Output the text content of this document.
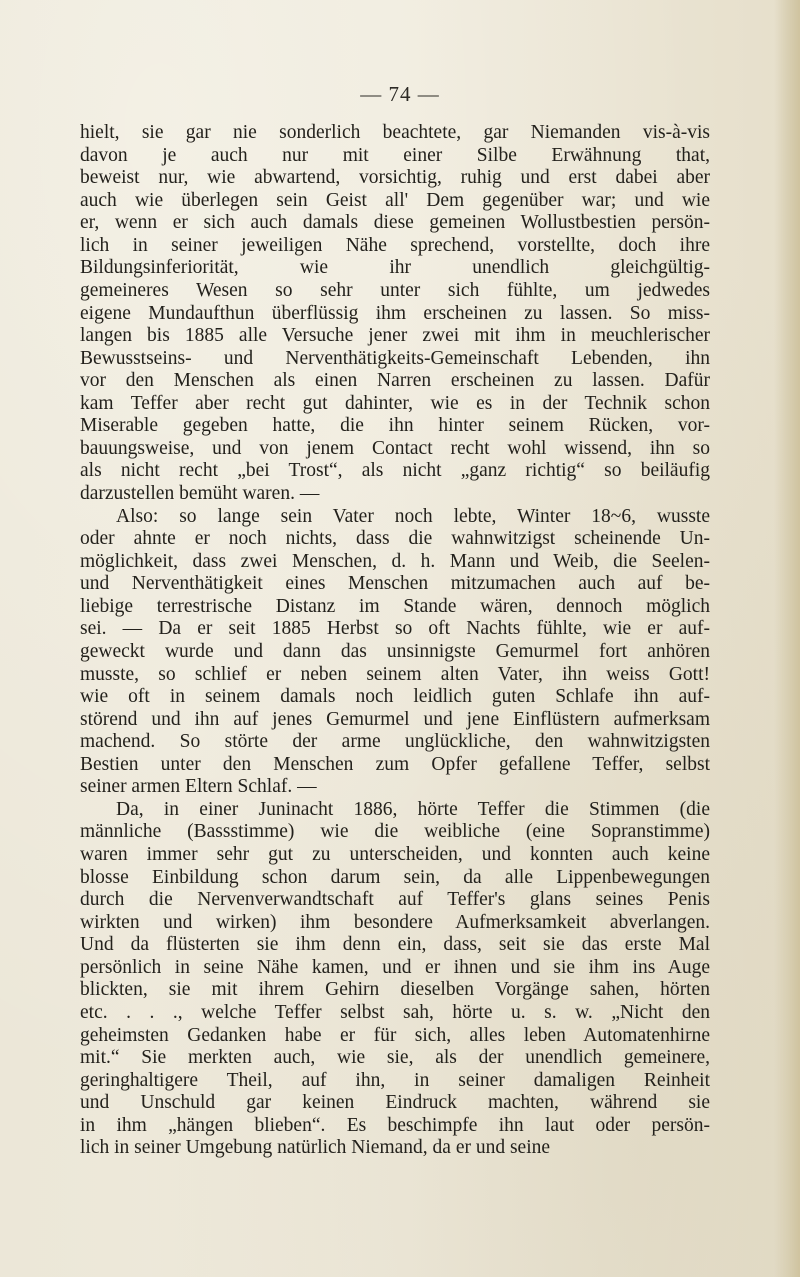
— 74 —
hielt, sie gar nie sonderlich beachtete, gar Niemanden vis-à-vis
davon je auch nur mit einer Silbe Erwähnung that,
beweist nur, wie abwartend, vorsichtig, ruhig und erst dabei aber
auch wie überlegen sein Geist all' Dem gegenüber war; und wie
er, wenn er sich auch damals diese gemeinen Wollustbestien persön-
lich in seiner jeweiligen Nähe sprechend, vorstellte, doch ihre
Bildungsinferiorität, wie ihr unendlich gleichgültig-
gemeineres Wesen so sehr unter sich fühlte, um jedwedes
eigene Mundaufthun überflüssig ihm erscheinen zu lassen. So miss-
langen bis 1885 alle Versuche jener zwei mit ihm in meuchlerischer
Bewusstseins- und Nerventhätigkeits-Gemeinschaft Lebenden, ihn
vor den Menschen als einen Narren erscheinen zu lassen. Dafür
kam Teffer aber recht gut dahinter, wie es in der Technik schon
Miserable gegeben hatte, die ihn hinter seinem Rücken, vor-
bauungsweise, und von jenem Contact recht wohl wissend, ihn so
als nicht recht „bei Trost“, als nicht „ganz richtig“ so beiläufig
darzustellen bemüht waren. —
Also: so lange sein Vater noch lebte, Winter 18~6, wusste
oder ahnte er noch nichts, dass die wahnwitzigst scheinende Un-
möglichkeit, dass zwei Menschen, d. h. Mann und Weib, die Seelen-
und Nerventhätigkeit eines Menschen mitzumachen auch auf be-
liebige terrestrische Distanz im Stande wären, dennoch möglich
sei. — Da er seit 1885 Herbst so oft Nachts fühlte, wie er auf-
geweckt wurde und dann das unsinnigste Gemurmel fort anhören
musste, so schlief er neben seinem alten Vater, ihn weiss Gott!
wie oft in seinem damals noch leidlich guten Schlafe ihn auf-
störend und ihn auf jenes Gemurmel und jene Einflüstern aufmerksam
machend. So störte der arme unglückliche, den wahnwitzigsten
Bestien unter den Menschen zum Opfer gefallene Teffer, selbst
seiner armen Eltern Schlaf. —
Da, in einer Juninacht 1886, hörte Teffer die Stimmen (die
männliche (Bassstimme) wie die weibliche (eine Sopranstimme)
waren immer sehr gut zu unterscheiden, und konnten auch keine
blosse Einbildung schon darum sein, da alle Lippenbewegungen
durch die Nervenverwandtschaft auf Teffer's glans seines Penis
wirkten und wirken) ihm besondere Aufmerksamkeit abverlangen.
Und da flüsterten sie ihm denn ein, dass, seit sie das erste Mal
persönlich in seine Nähe kamen, und er ihnen und sie ihm ins Auge
blickten, sie mit ihrem Gehirn dieselben Vorgänge sahen, hörten
etc. . . ., welche Teffer selbst sah, hörte u. s. w. „Nicht den
geheimsten Gedanken habe er für sich, alles leben Automatenhirne
mit.“ Sie merkten auch, wie sie, als der unendlich gemeinere,
geringhaltigere Theil, auf ihn, in seiner damaligen Reinheit
und Unschuld gar keinen Eindruck machten, während sie
in ihm „hängen blieben“. Es beschimpfe ihn laut oder persön-
lich in seiner Umgebung natürlich Niemand, da er und seine
